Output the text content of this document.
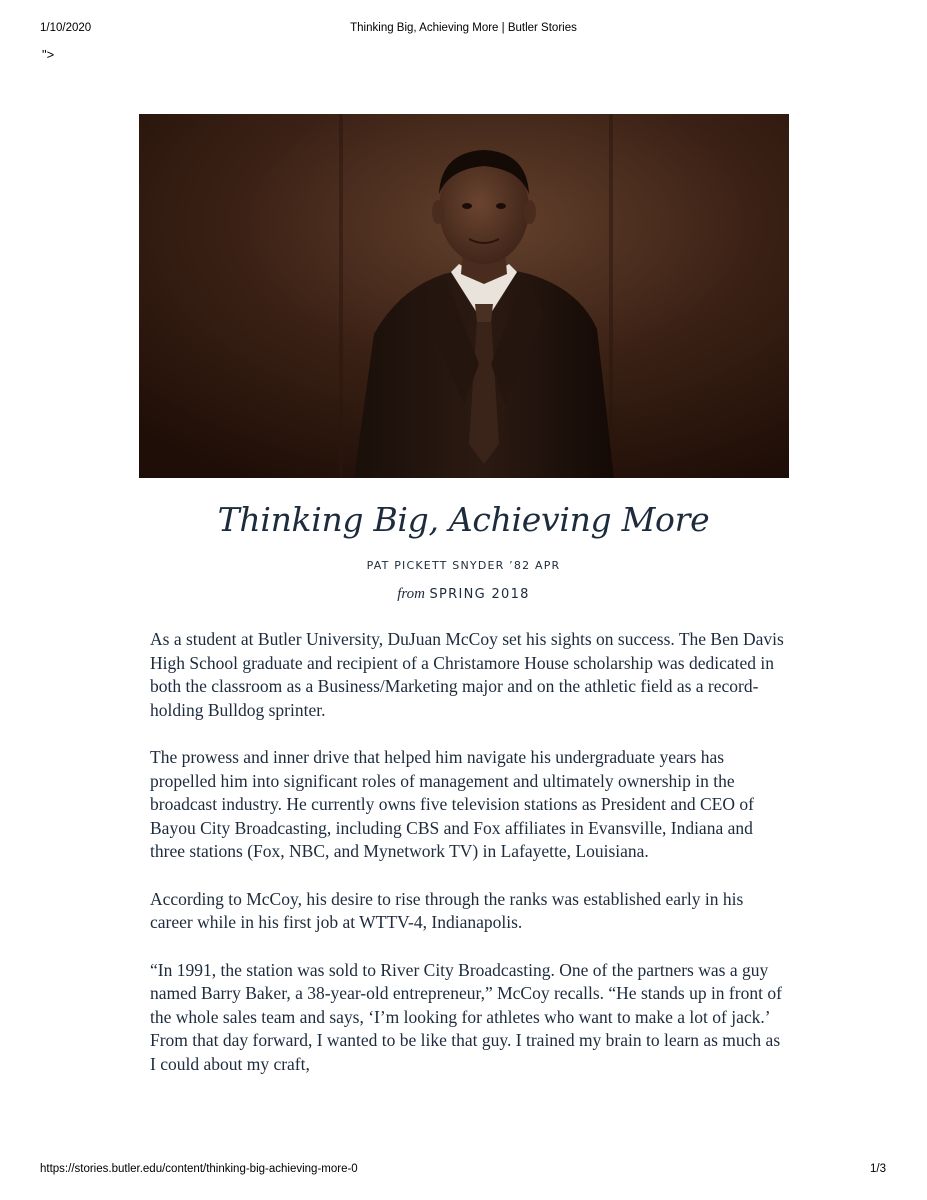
1/10/2020	Thinking Big, Achieving More | Butler Stories
">
Thinking Big, Achieving More
PAT PICKETT SNYDER ’82 APR
from SPRING 2018

As a student at Butler University, DuJuan McCoy set his sights on success. The Ben Davis High School graduate and recipient of a Christamore House scholarship was dedicated in both the classroom as a Business/Marketing major and on the athletic field as a record-holding Bulldog sprinter.

The prowess and inner drive that helped him navigate his undergraduate years has propelled him into significant roles of management and ultimately ownership in the broadcast industry. He currently owns five television stations as President and CEO of Bayou City Broadcasting, including CBS and Fox affiliates in Evansville, Indiana and three stations (Fox, NBC, and Mynetwork TV) in Lafayette, Louisiana.

According to McCoy, his desire to rise through the ranks was established early in his career while in his first job at WTTV-4, Indianapolis.

“In 1991, the station was sold to River City Broadcasting. One of the partners was a guy named Barry Baker, a 38-year-old entrepreneur,” McCoy recalls. “He stands up in front of the whole sales team and says, ‘I’m looking for athletes who want to make a lot of jack.’ From that day forward, I wanted to be like that guy. I trained my brain to learn as much as I could about my craft,

https://stories.butler.edu/content/thinking-big-achieving-more-0	1/3
